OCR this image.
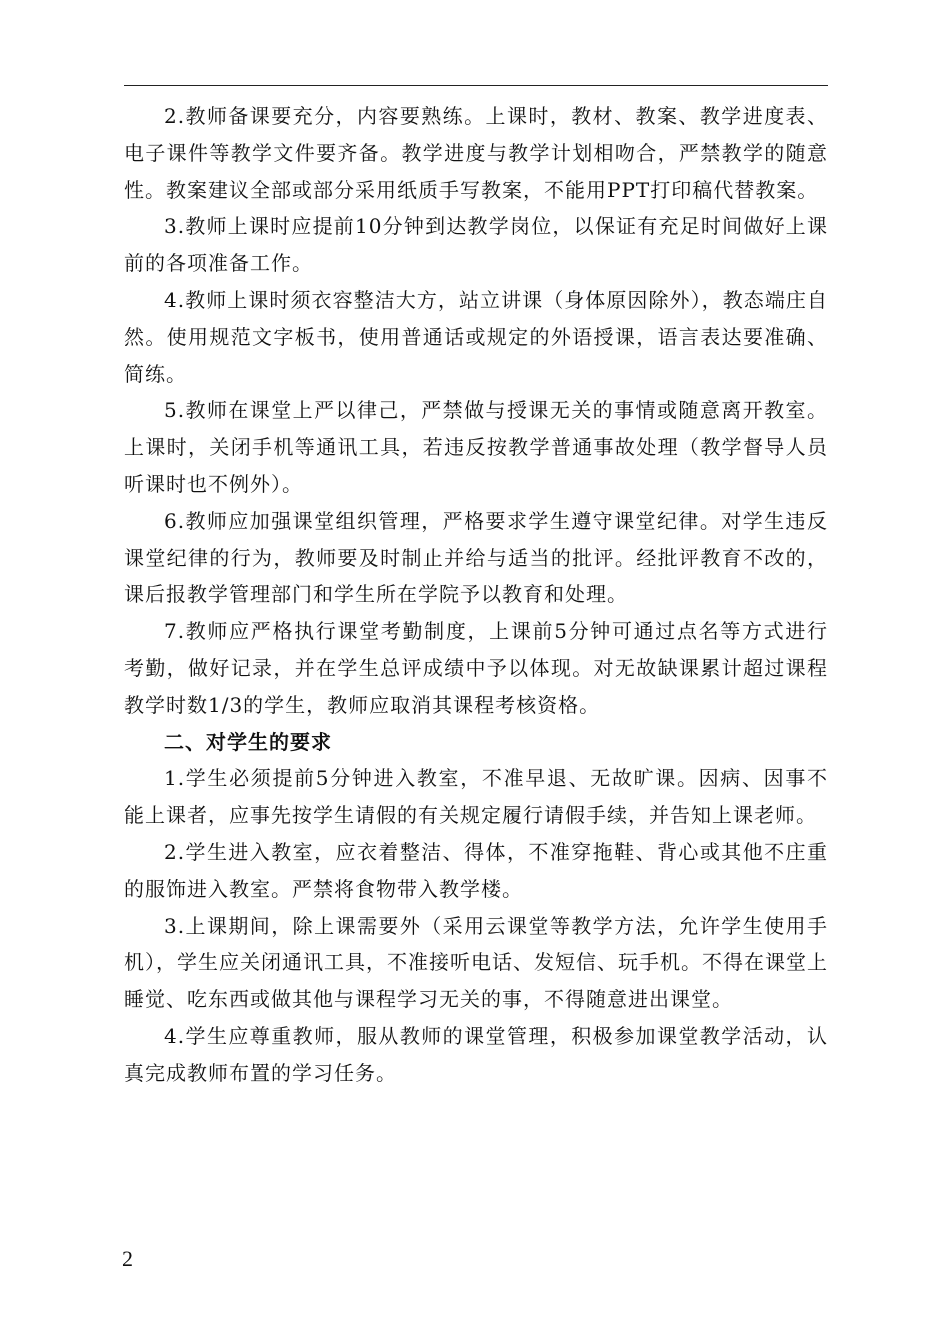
2.教师备课要充分，内容要熟练。上课时，教材、教案、教学进度表、电子课件等教学文件要齐备。教学进度与教学计划相吻合，严禁教学的随意性。教案建议全部或部分采用纸质手写教案，不能用PPT打印稿代替教案。

3.教师上课时应提前10分钟到达教学岗位，以保证有充足时间做好上课前的各项准备工作。

4.教师上课时须衣容整洁大方，站立讲课（身体原因除外），教态端庄自然。使用规范文字板书，使用普通话或规定的外语授课，语言表达要准确、简练。

5.教师在课堂上严以律己，严禁做与授课无关的事情或随意离开教室。上课时，关闭手机等通讯工具，若违反按教学普通事故处理（教学督导人员听课时也不例外）。

6.教师应加强课堂组织管理，严格要求学生遵守课堂纪律。对学生违反课堂纪律的行为，教师要及时制止并给与适当的批评。经批评教育不改的，课后报教学管理部门和学生所在学院予以教育和处理。

7.教师应严格执行课堂考勤制度，上课前5分钟可通过点名等方式进行考勤，做好记录，并在学生总评成绩中予以体现。对无故缺课累计超过课程教学时数1/3的学生，教师应取消其课程考核资格。

二、对学生的要求

1.学生必须提前5分钟进入教室，不准早退、无故旷课。因病、因事不能上课者，应事先按学生请假的有关规定履行请假手续，并告知上课老师。

2.学生进入教室，应衣着整洁、得体，不准穿拖鞋、背心或其他不庄重的服饰进入教室。严禁将食物带入教学楼。

3.上课期间，除上课需要外（采用云课堂等教学方法，允许学生使用手机），学生应关闭通讯工具，不准接听电话、发短信、玩手机。不得在课堂上睡觉、吃东西或做其他与课程学习无关的事，不得随意进出课堂。

4.学生应尊重教师，服从教师的课堂管理，积极参加课堂教学活动，认真完成教师布置的学习任务。

2
